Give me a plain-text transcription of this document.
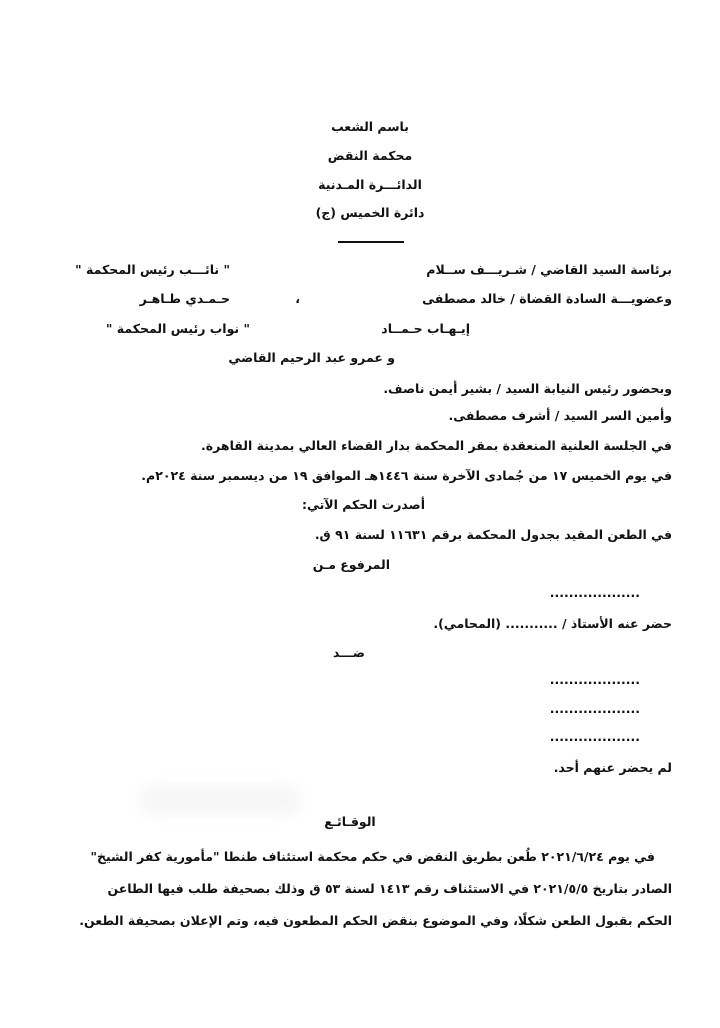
باسم الشعب
محكمة النقض
الدائـــرة المـدنية
دائرة الخميس (ج)
برئاسة السيد القاضي / شـريـــف ســلام
" نائـــب رئيس المحكمة "
وعضويـــة السادة القضاة / خالد مصطفى
،
حـمـدي طـاهـر
إيـهـاب حـمــاد
" نواب رئيس المحكمة "
و عمرو عبد الرحيم القاضي
وبحضور رئيس النيابة السيد / بشير أيمن ناصف.
وأمين السر السيد / أشرف مصطفى.
في الجلسة العلنية المنعقدة بمقر المحكمة بدار القضاء العالي بمدينة القاهرة.
في يوم الخميس ١٧ من جُمادى الآخرة سنة ١٤٤٦هـ الموافق ١٩ من ديسمبر سنة ٢٠٢٤م.
أصدرت الحكم الآتي:
في الطعن المقيد بجدول المحكمة برقم ١١٦٣١ لسنة ٩١ ق.
المرفوع مـن
...................
حضر عنه الأستاذ / ........... (المحامي).
ضـــد
...................
...................
...................
لم يحضر عنهم أحد.
الوقـائـع
في يوم ٢٠٢١/٦/٢٤ طُعن بطريق النقض في حكم محكمة استئناف طنطا "مأمورية كفر الشيخ"
الصادر بتاريخ ٢٠٢١/٥/٥ في الاستئناف رقم ١٤١٣ لسنة ٥٣ ق وذلك بصحيفة طلب فيها الطاعن
الحكم بقبول الطعن شكلًا، وفي الموضوع بنقض الحكم المطعون فيه، وتم الإعلان بصحيفة الطعن.
